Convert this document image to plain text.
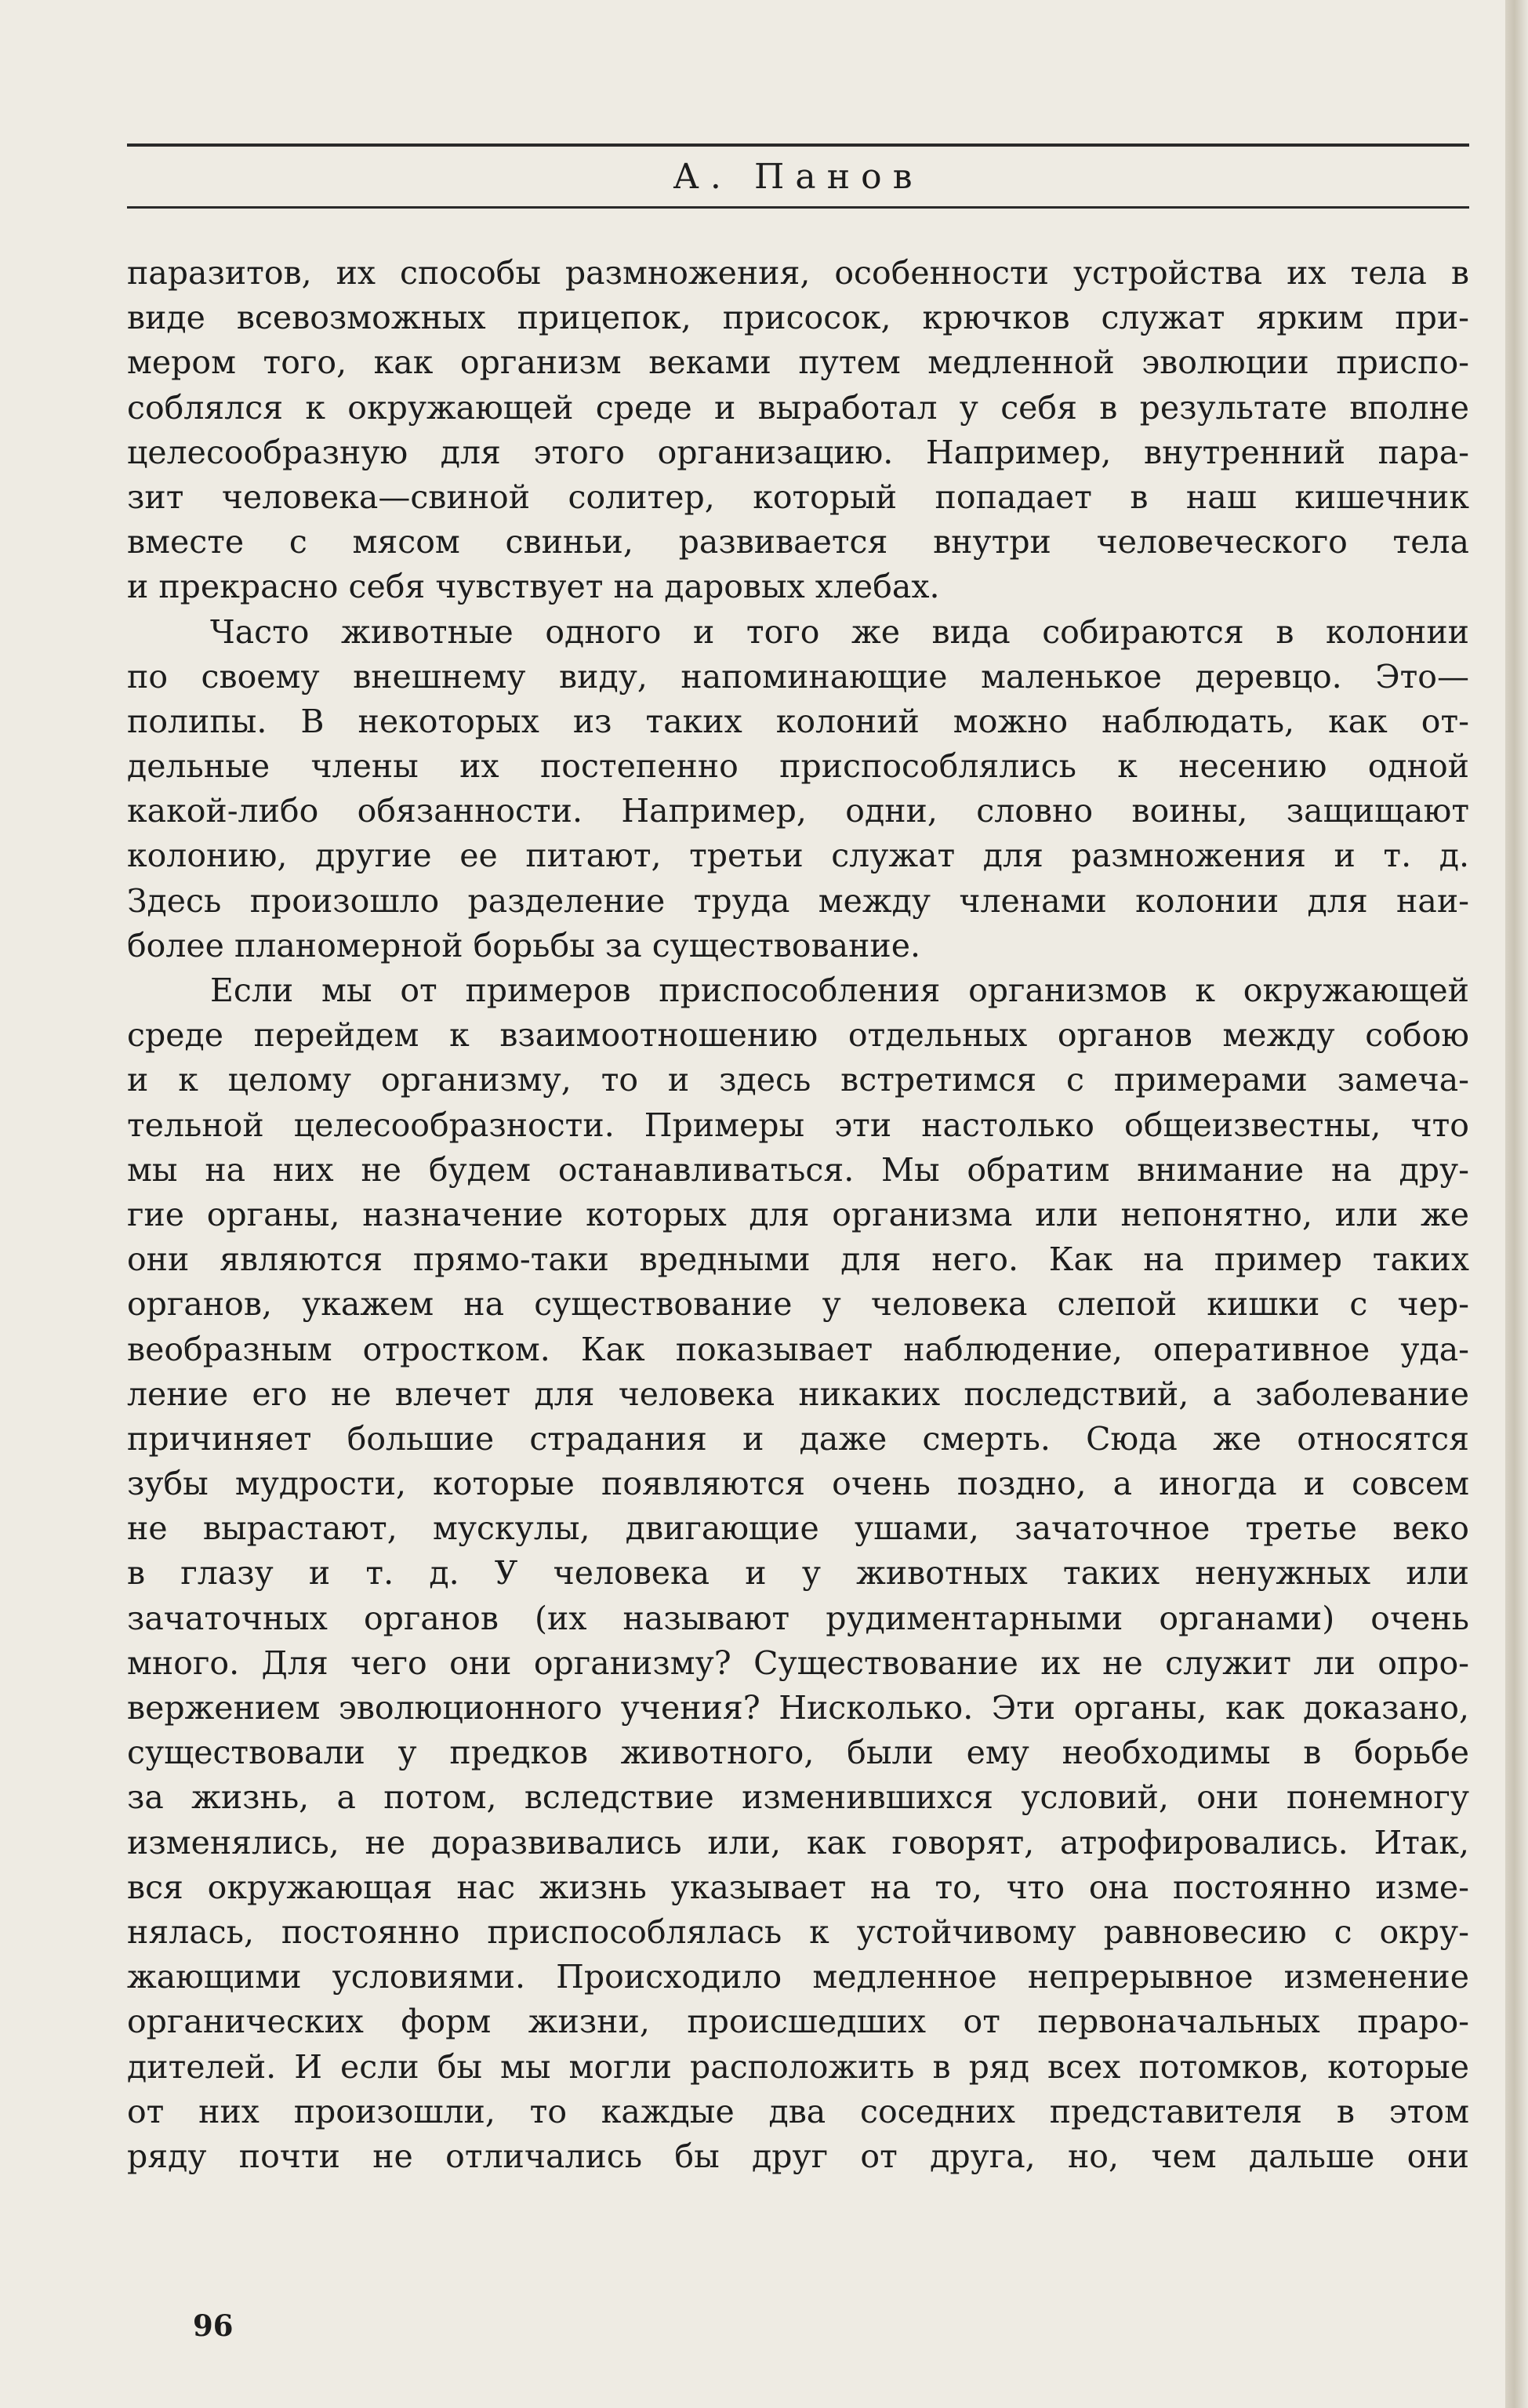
А. Панов
паразитов, их способы размножения, особенности устройства их тела в
виде всевозможных прицепок, присосок, крючков служат ярким при-
мером того, как организм веками путем медленной эволюции приспо-
соблялся к окружающей среде и выработал у себя в результате вполне
целесообразную для этого организацию. Например, внутренний пара-
зит человека—свиной солитер, который попадает в наш кишечник
вместе с мясом свиньи, развивается внутри человеческого тела
и прекрасно себя чувствует на даровых хлебах.
Часто животные одного и того же вида собираются в колонии
по своему внешнему виду, напоминающие маленькое деревцо. Это—
полипы. В некоторых из таких колоний можно наблюдать, как от-
дельные члены их постепенно приспособлялись к несению одной
какой-либо обязанности. Например, одни, словно воины, защищают
колонию, другие ее питают, третьи служат для размножения и т. д.
Здесь произошло разделение труда между членами колонии для наи-
более планомерной борьбы за существование.
Если мы от примеров приспособления организмов к окружающей
среде перейдем к взаимоотношению отдельных органов между собою
и к целому организму, то и здесь встретимся с примерами замеча-
тельной целесообразности. Примеры эти настолько общеизвестны, что
мы на них не будем останавливаться. Мы обратим внимание на дру-
гие органы, назначение которых для организма или непонятно, или же
они являются прямо-таки вредными для него. Как на пример таких
органов, укажем на существование у человека слепой кишки с чер-
веобразным отростком. Как показывает наблюдение, оперативное уда-
ление его не влечет для человека никаких последствий, а заболевание
причиняет большие страдания и даже смерть. Сюда же относятся
зубы мудрости, которые появляются очень поздно, а иногда и совсем
не вырастают, мускулы, двигающие ушами, зачаточное третье веко
в глазу и т. д. У человека и у животных таких ненужных или
зачаточных органов (их называют рудиментарными органами) очень
много. Для чего они организму? Существование их не служит ли опро-
вержением эволюционного учения? Нисколько. Эти органы, как доказано,
существовали у предков животного, были ему необходимы в борьбе
за жизнь, а потом, вследствие изменившихся условий, они понемногу
изменялись, не доразвивались или, как говорят, атрофировались. Итак,
вся окружающая нас жизнь указывает на то, что она постоянно изме-
нялась, постоянно приспособлялась к устойчивому равновесию с окру-
жающими условиями. Происходило медленное непрерывное изменение
органических форм жизни, происшедших от первоначальных прaро-
дителей. И если бы мы могли расположить в ряд всех потомков, которые
от них произошли, то каждые два соседних представителя в этом
ряду почти не отличались бы друг от друга, но, чем дальше они
96
